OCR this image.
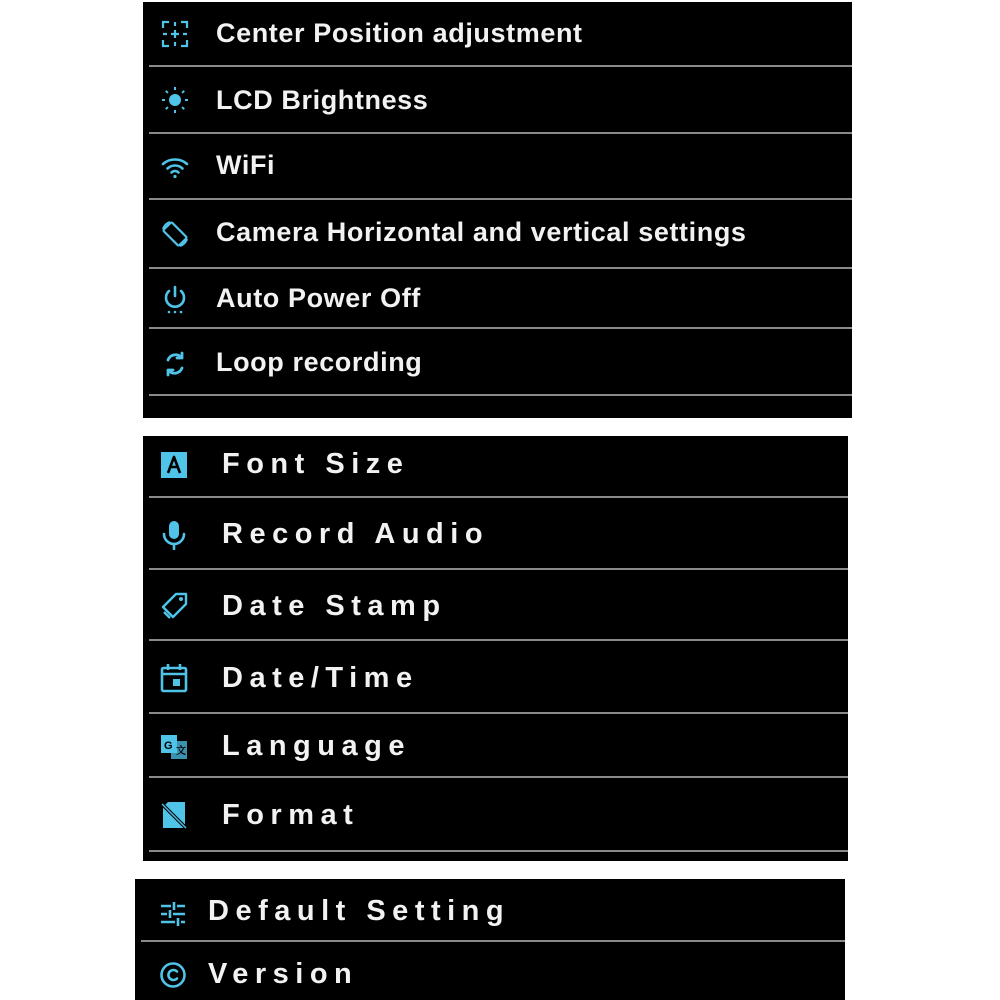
Center Position adjustment
LCD Brightness
WiFi
Camera Horizontal and vertical settings
Auto Power Off
Loop recording
Font Size
Record Audio
Date Stamp
Date/Time
G 文 Language
Format
Default Setting
Version
